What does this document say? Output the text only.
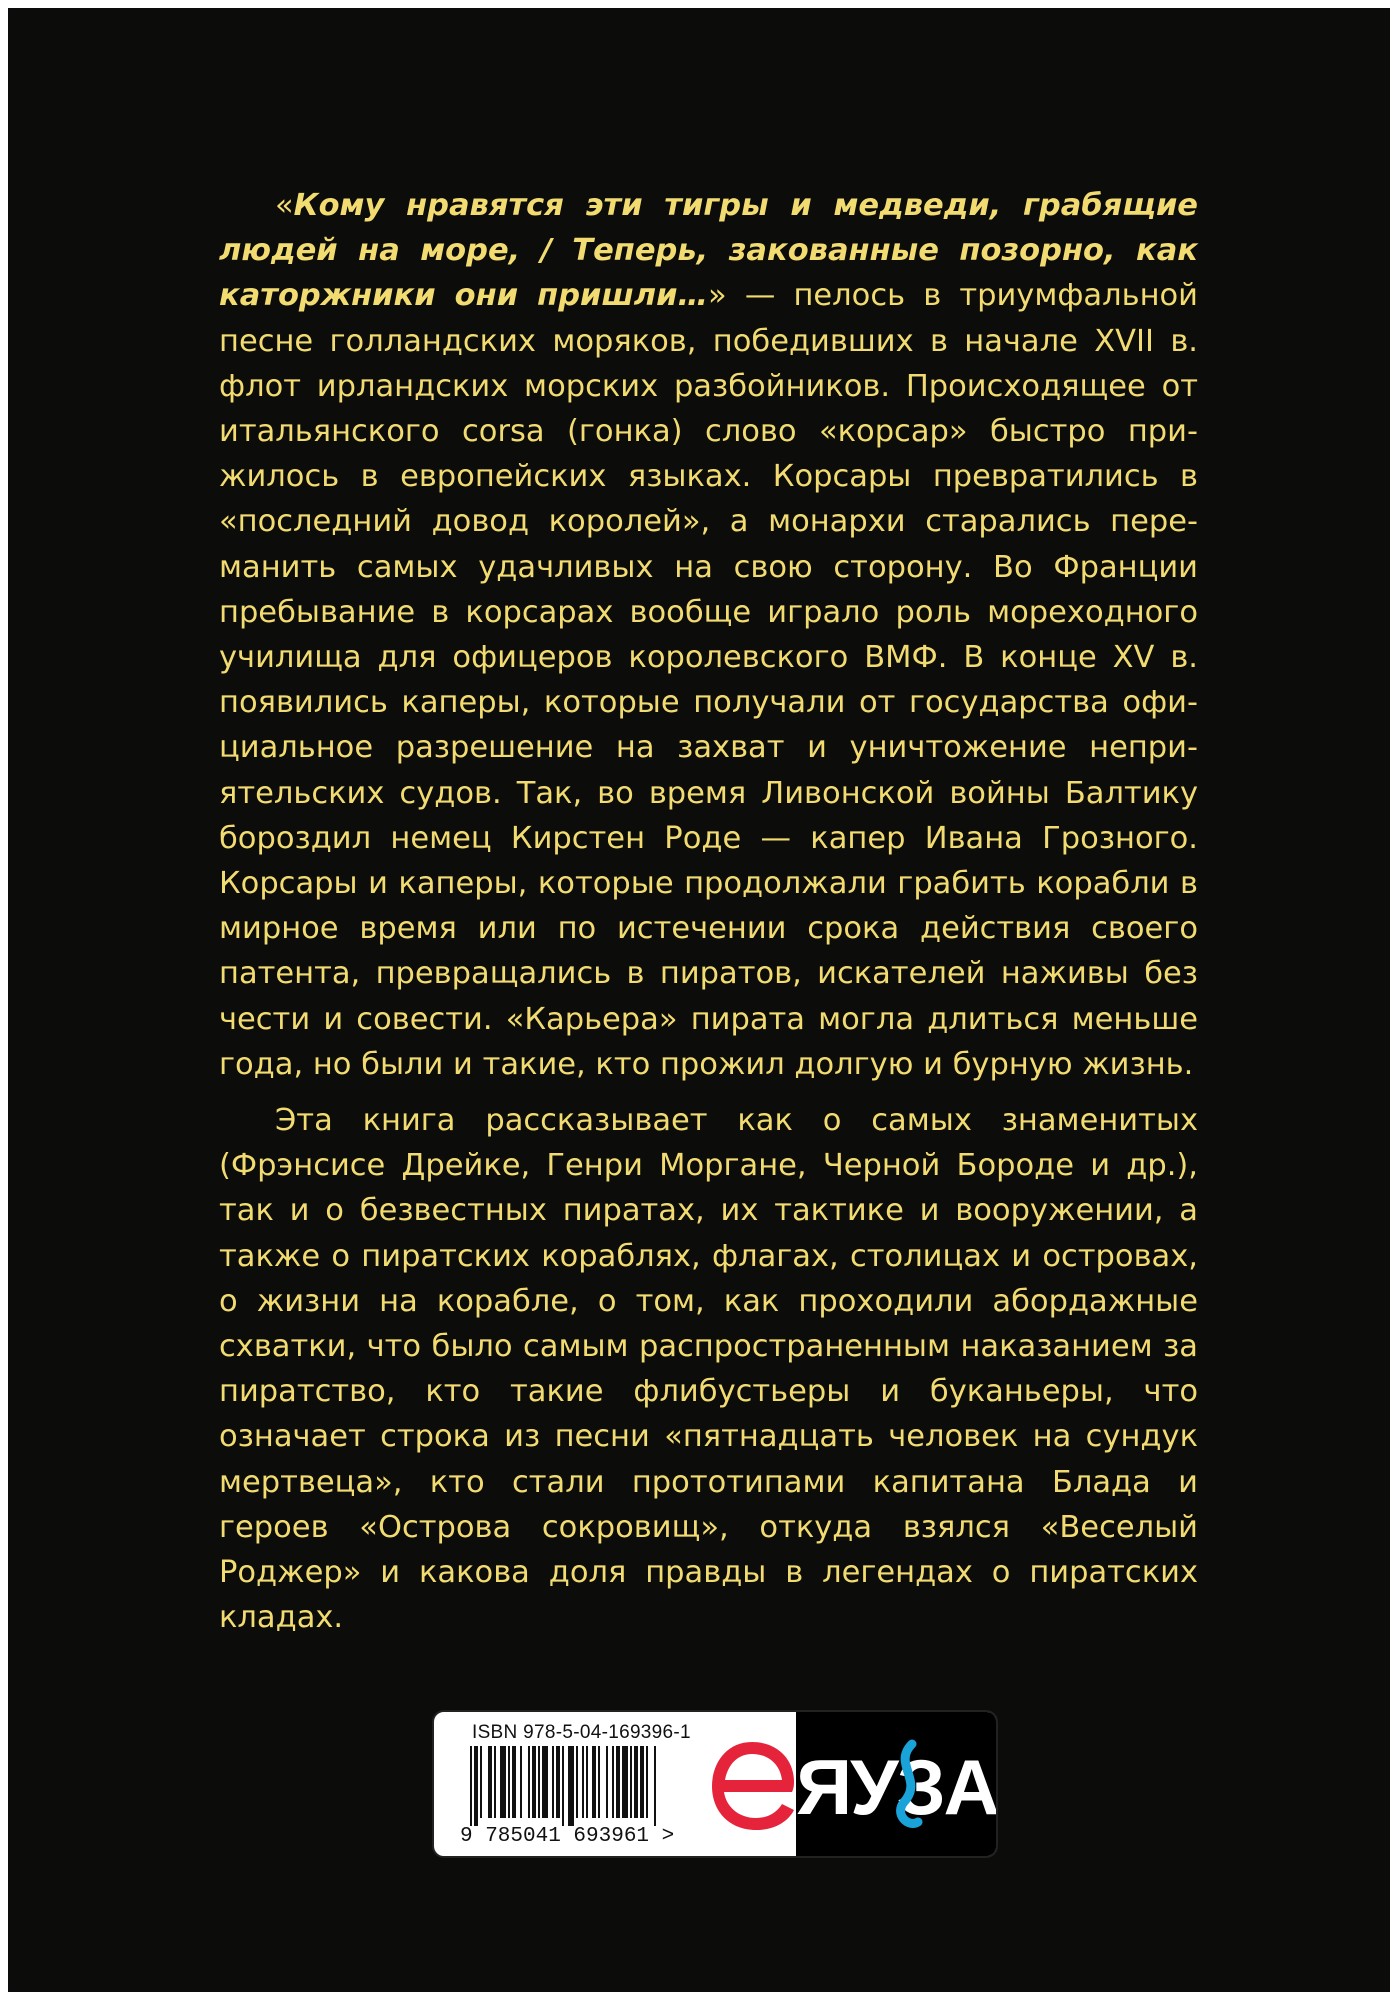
«Кому нравятся эти тигры и медведи, грабящие людей на море, / Теперь, закованные позорно, как каторжники они пришли…» — пелось в триумфальной песне голландских моряков, победивших в начале XVII в. флот ирландских морских разбойников. Происходящее от итальянского corsa (гонка) слово «корсар» быстро прижилось в европейских языках. Корсары превратились в «последний довод королей», а монархи старались переманить самых удачливых на свою сторону. Во Франции пребывание в корсарах вообще играло роль мореходного училища для офицеров королевского ВМФ. В конце XV в. появились каперы, которые получали от государства официальное разрешение на захват и уничтожение неприятельских судов. Так, во время Ливонской войны Балтику бороздил немец Кирстен Роде — капер Ивана Грозного. Корсары и каперы, которые продолжали грабить корабли в мирное время или по истечении срока действия своего патента, превращались в пиратов, искателей наживы без чести и совести. «Карьера» пирата могла длиться меньше года, но были и такие, кто прожил долгую и бурную жизнь.

Эта книга рассказывает как о самых знаменитых (Фрэнсисе Дрейке, Генри Моргане, Черной Бороде и др.), так и о безвестных пиратах, их тактике и вооружении, а также о пиратских кораблях, флагах, столицах и островах, о жизни на корабле, о том, как проходили абордажные схватки, что было самым распространенным наказанием за пиратство, кто такие флибустьеры и буканьеры, что означает строка из песни «пятнадцать человек на сундук мертвеца», кто стали прототипами капитана Блада и героев «Острова сокровищ», откуда взялся «Веселый Роджер» и какова доля правды в легендах о пиратских кладах.

ISBN 978-5-04-169396-1
9 785041 693961 >
ЯУЗА
